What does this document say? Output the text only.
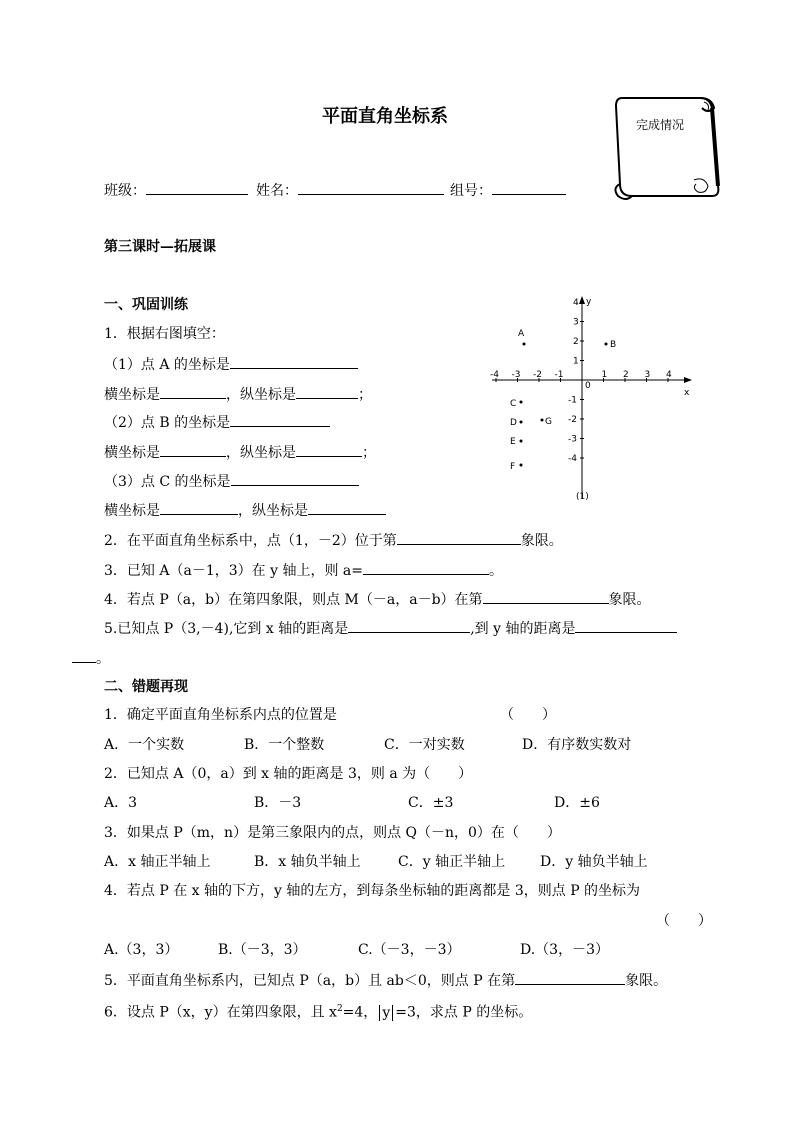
平面直角坐标系	完成情况
班级：	姓名：	组号：
第三课时—拓展课
一、巩固训练
1．根据右图填空：
（1）点 A 的坐标是
横坐标是	，纵坐标是	；
（2）点 B 的坐标是
横坐标是	，纵坐标是	；
（3）点 C 的坐标是
横坐标是	，纵坐标是
2．在平面直角坐标系中，点（1，－2）位于第	象限。
3．已知 A（a－1，3）在 y 轴上，则 a=	。
4．若点 P（a，b）在第四象限，则点 M（－a，a－b）在第	象限。
5.已知点 P（3,－4),它到 x 轴的距离是	,到 y 轴的距离是
。
x
y
0
(1)
-4 -3 -2 -1	1 2 3 4
4
3
2
1
-1
-2
-3
-4
A
B
C
D	G
E
F
二、错题再现
1．确定平面直角坐标系内点的位置是	（　　）
A．一个实数	B．一个整数	C．一对实数	D．有序数实数对
2．已知点 A（0，a）到 x 轴的距离是 3，则 a 为（　　）
A．3	B．－3	C．±3	D．±6
3．如果点 P（m，n）是第三象限内的点，则点 Q（－n，0）在（　　）
A．x 轴正半轴上	B．x 轴负半轴上	C．y 轴正半轴上 D．y 轴负半轴上
4．若点 P 在 x 轴的下方，y 轴的左方，到每条坐标轴的距离都是 3，则点 P 的坐标为
（　　）
A.（3，3）	B.（－3，3）	C.（－3，－3）	D.（3，－3）
5．平面直角坐标系内，已知点 P（a，b）且 ab＜0，则点 P 在第	象限。
6．设点 P（x，y）在第四象限，且 $x^2=4$， y =3，求点 P 的坐标。
